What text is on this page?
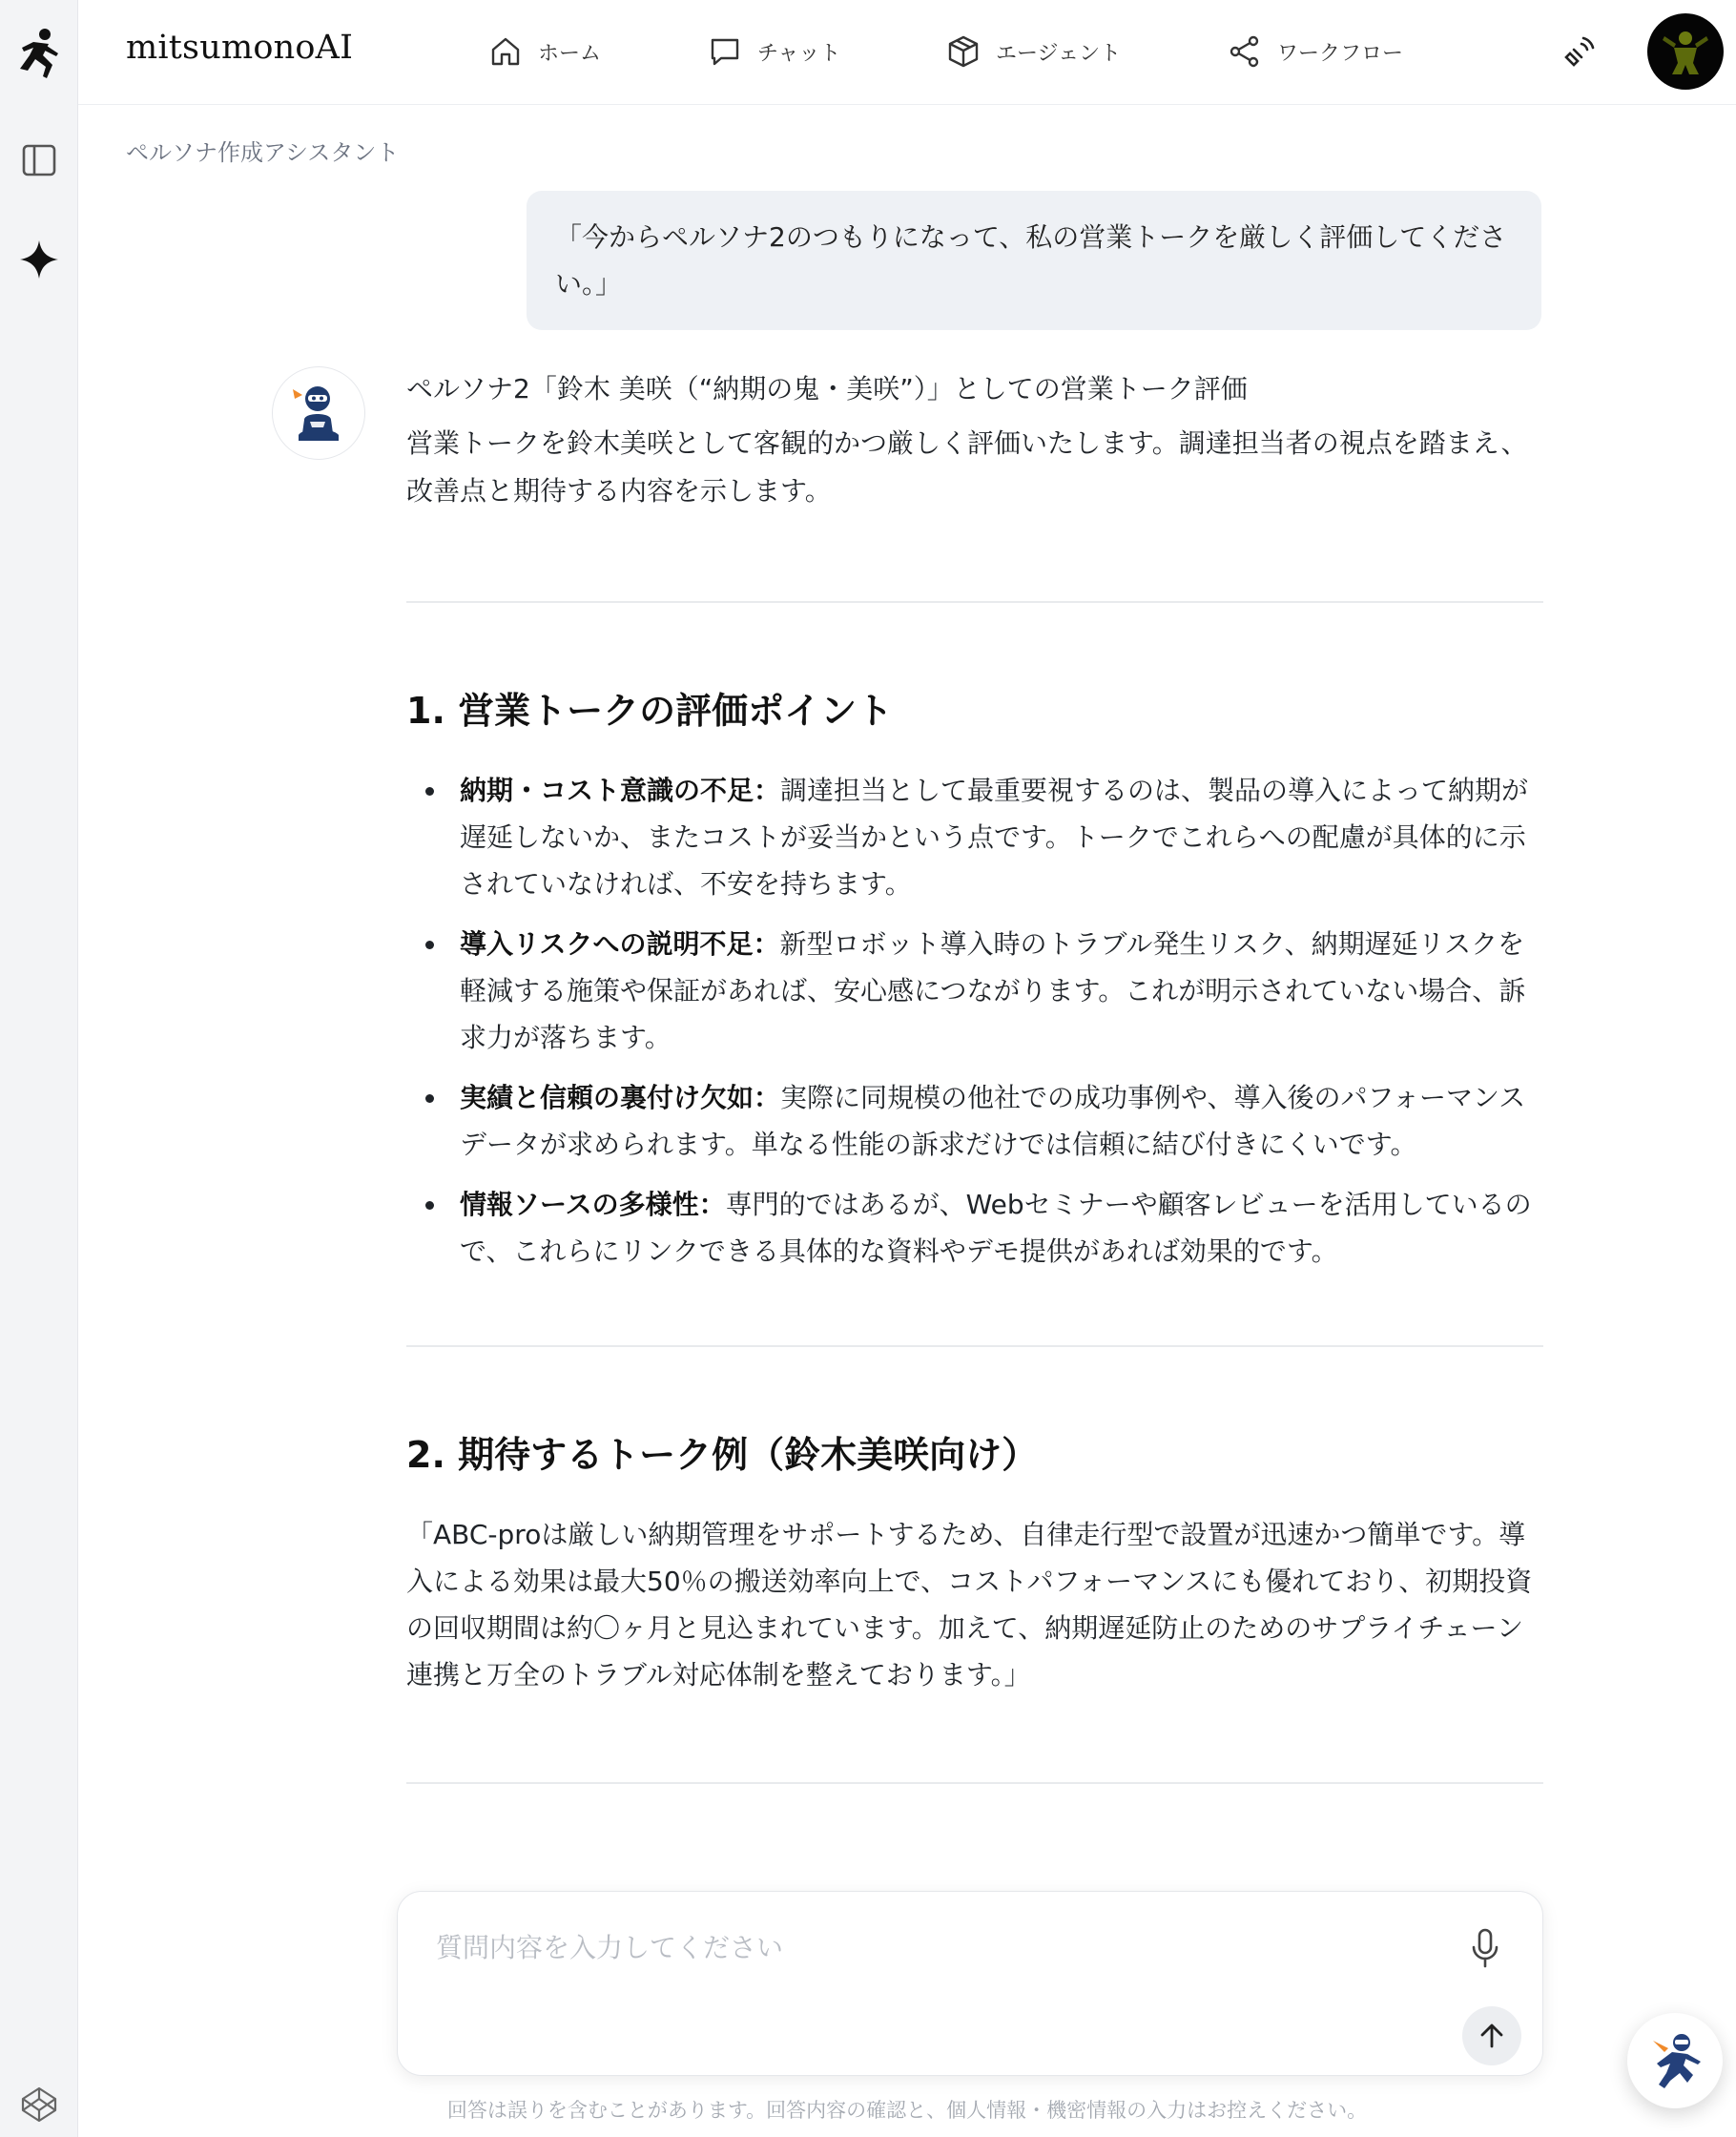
mitsumonoAI	ホーム	チャット	エージェント	ワークフロー
ペルソナ作成アシスタント
「今からペルソナ2のつもりになって、私の営業トークを厳しく評価してください。」
ペルソナ2「鈴木 美咲（“納期の鬼・美咲”）」としての営業トーク評価
営業トークを鈴木美咲として客観的かつ厳しく評価いたします。調達担当者の視点を踏まえ、改善点と期待する内容を示します。
1. 営業トークの評価ポイント
納期・コスト意識の不足：調達担当として最重要視するのは、製品の導入によって納期が遅延しないか、またコストが妥当かという点です。トークでこれらへの配慮が具体的に示されていなければ、不安を持ちます。
導入リスクへの説明不足：新型ロボット導入時のトラブル発生リスク、納期遅延リスクを軽減する施策や保証があれば、安心感につながります。これが明示されていない場合、訴求力が落ちます。
実績と信頼の裏付け欠如：実際に同規模の他社での成功事例や、導入後のパフォーマンスデータが求められます。単なる性能の訴求だけでは信頼に結び付きにくいです。
情報ソースの多様性：専門的ではあるが、Webセミナーや顧客レビューを活用しているので、これらにリンクできる具体的な資料やデモ提供があれば効果的です。
2. 期待するトーク例（鈴木美咲向け）

「ABC-proは厳しい納期管理をサポートするため、自律走行型で設置が迅速かつ簡単です。導入による効果は最大50％の搬送効率向上で、コストパフォーマンスにも優れており、初期投資の回収期間は約〇ヶ月と見込まれています。加えて、納期遅延防止のためのサプライチェーン連携と万全のトラブル対応体制を整えております。」

質問内容を入力してください
回答は誤りを含むことがあります。回答内容の確認と、個人情報・機密情報の入力はお控えください。
